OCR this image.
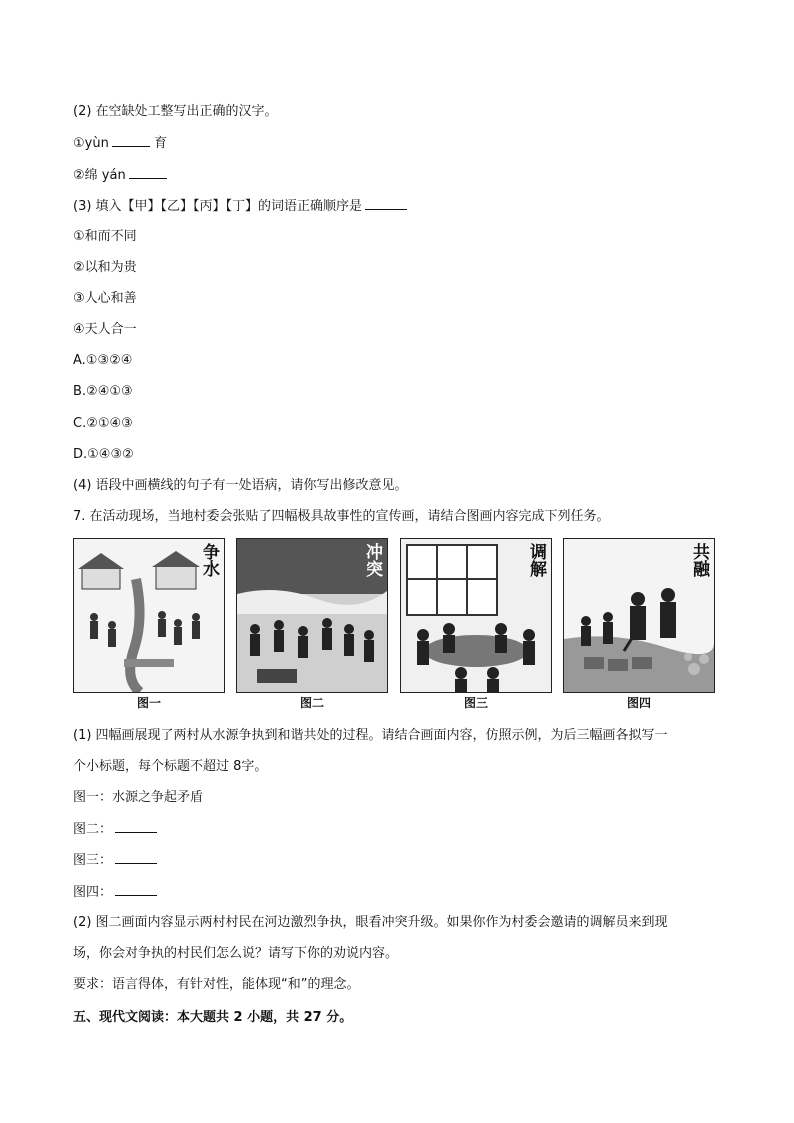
(2) 在空缺处工整写出正确的汉字。
①yùn	育
②绵 yán
(3) 填入【甲】【乙】【丙】【丁】的词语正确顺序是
①和而不同
②以和为贵
③人心和善
④天人合一
A.①③②④
B.②④①③
C.②①④③
D.①④③②
(4) 语段中画横线的句子有一处语病，请你写出修改意见。
7. 在活动现场，当地村委会张贴了四幅极具故事性的宣传画，请结合图画内容完成下列任务。
争水
图一
冲突
图二
调解
图三
共融
图四
(1) 四幅画展现了两村从水源争执到和谐共处的过程。请结合画面内容，仿照示例，为后三幅画各拟写一
个小标题，每个标题不超过 8字。
图一：水源之争起矛盾
图二：
图三：
图四：
(2) 图二画面内容显示两村村民在河边激烈争执，眼看冲突升级。如果你作为村委会邀请的调解员来到现
场，你会对争执的村民们怎么说？请写下你的劝说内容。
要求：语言得体，有针对性，能体现“和”的理念。
五、现代文阅读：本大题共 2 小题，共 27 分。
